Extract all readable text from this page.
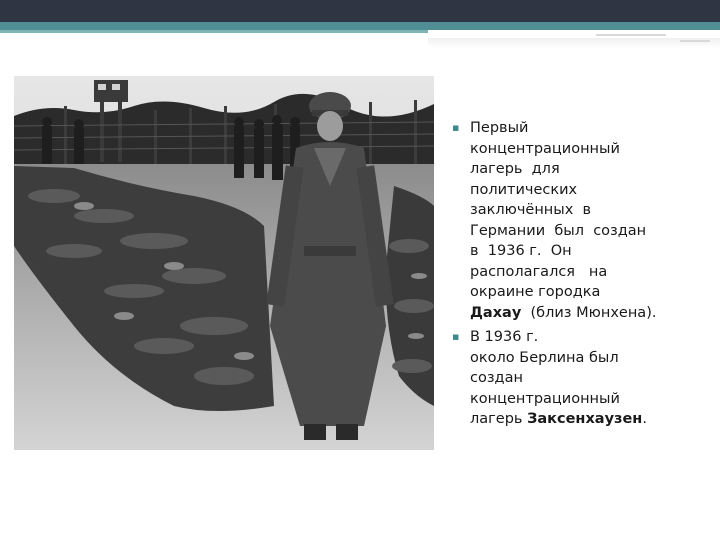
▪ Первый
концентрационный
лагерь  для
политических
заключённых  в
Германии  был  создан
в  1936 г.  Он
располагался   на
окраине городка
Дахау  (близ Мюнхена).
▪ В 1936 г.
около Берлина был
создан
концентрационный
лагерь Заксенхаузен.
